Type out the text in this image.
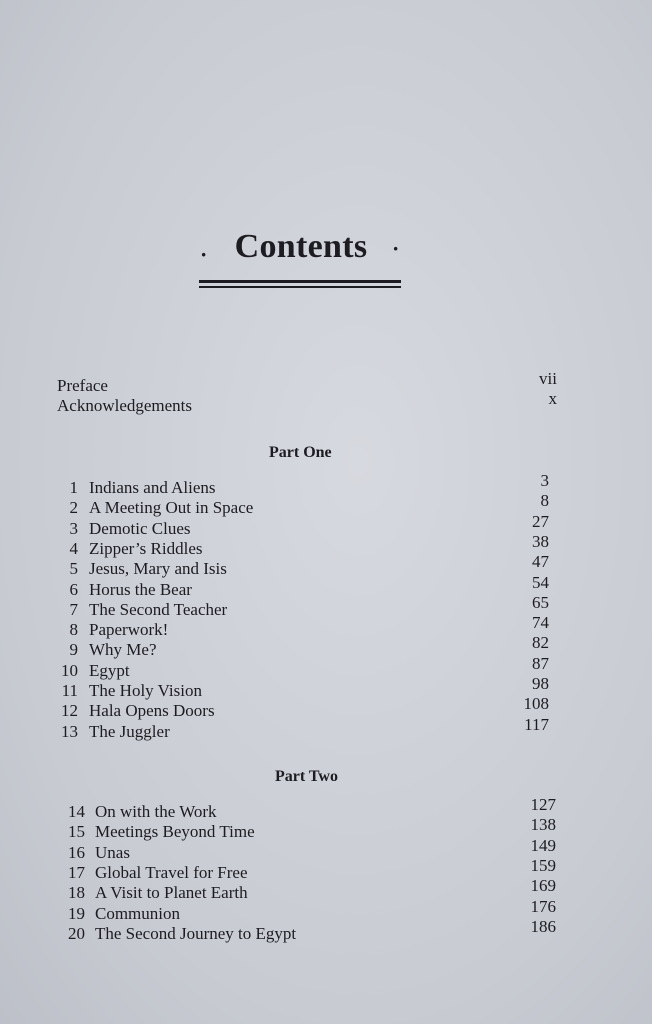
· Contents	·
Preface	vii
Acknowledgements	x
Part One
1 Indians and Aliens	3
2 A Meeting Out in Space	8
3 Demotic Clues	27
4 Zipper’s Riddles	38
5 Jesus, Mary and Isis	47
6 Horus the Bear	54
7 The Second Teacher	65
8 Paperwork!	74
9 Why Me?	82
10 Egypt	87
11 The Holy Vision	98
12 Hala Opens Doors	108
13 The Juggler	117
Part Two
14 On with the Work	127
15 Meetings Beyond Time	138
16 Unas	149
17 Global Travel for Free	159
18 A Visit to Planet Earth	169
19 Communion	176
20 The Second Journey to Egypt	186
